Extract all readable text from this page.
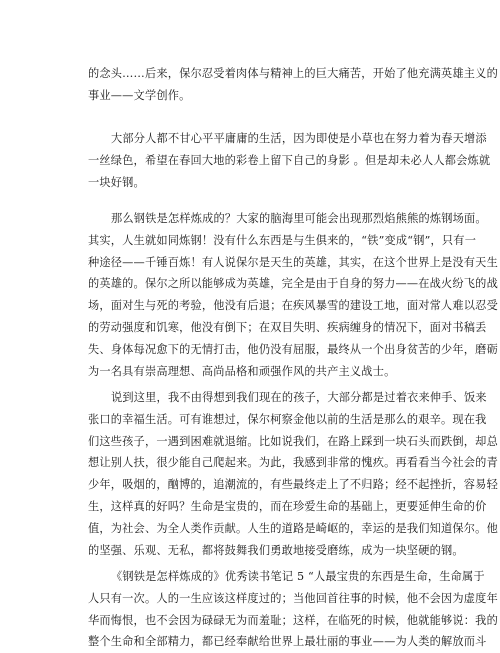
的念头……后来，保尔忍受着肉体与精神上的巨大痛苦，开始了他充满英雄主义的
事业——文学创作。
大部分人都不甘心平平庸庸的生活，因为即使是小草也在努力着为春天增添
一丝绿色，希望在春回大地的彩卷上留下自己的身影 。但是却未必人人都会炼就
一块好钢。
那么钢铁是怎样炼成的？大家的脑海里可能会出现那烈焰熊熊的炼钢场面。
其实，人生就如同炼钢！没有什么东西是与生俱来的，“铁”变成“钢”，只有一
种途径——千锤百炼！有人说保尔是天生的英雄，其实，在这个世界上是没有天生
的英雄的。保尔之所以能够成为英雄，完全是由于自身的努力——在战火纷飞的战
场，面对生与死的考验，他没有后退；在疾风暴雪的建设工地，面对常人难以忍受
的劳动强度和饥寒，他没有倒下；在双目失明、疾病缠身的情况下，面对书稿丢
失、身体每况愈下的无情打击，他仍没有屈服，最终从一个出身贫苦的少年，磨砺
为一名具有崇高理想、高尚品格和顽强作风的共产主义战士。
说到这里，我不由得想到我们现在的孩子，大部分都是过着衣来伸手、饭来
张口的幸福生活。可有谁想过，保尔柯察金他以前的生活是那么的艰辛。现在我
们这些孩子，一遇到困难就退缩。比如说我们，在路上踩到一块石头而跌倒，却总
想让别人扶，很少能自己爬起来。为此，我感到非常的愧疚。再看看当今社会的青
少年，吸烟的，酗博的，追潮流的，有些最终走上了不归路；经不起挫折，容易轻
生，这样真的好吗？生命是宝贵的，而在珍爱生命的基础上，更要延伸生命的价
值，为社会、为全人类作贡献。人生的道路是崎岖的，幸运的是我们知道保尔。他
的坚强、乐观、无私，都将鼓舞我们勇敢地接受磨练，成为一块坚硬的钢。
《钢铁是怎样炼成的》优秀读书笔记 5 “人最宝贵的东西是生命，生命属于
人只有一次。人的一生应该这样度过的；当他回首往事的时候，他不会因为虚度年
华而悔恨，也不会因为碌碌无为而羞耻；这样，在临死的时候，他就能够说：我的
整个生命和全部精力，都已经奉献给世界上最壮丽的事业——为人类的解放而斗
